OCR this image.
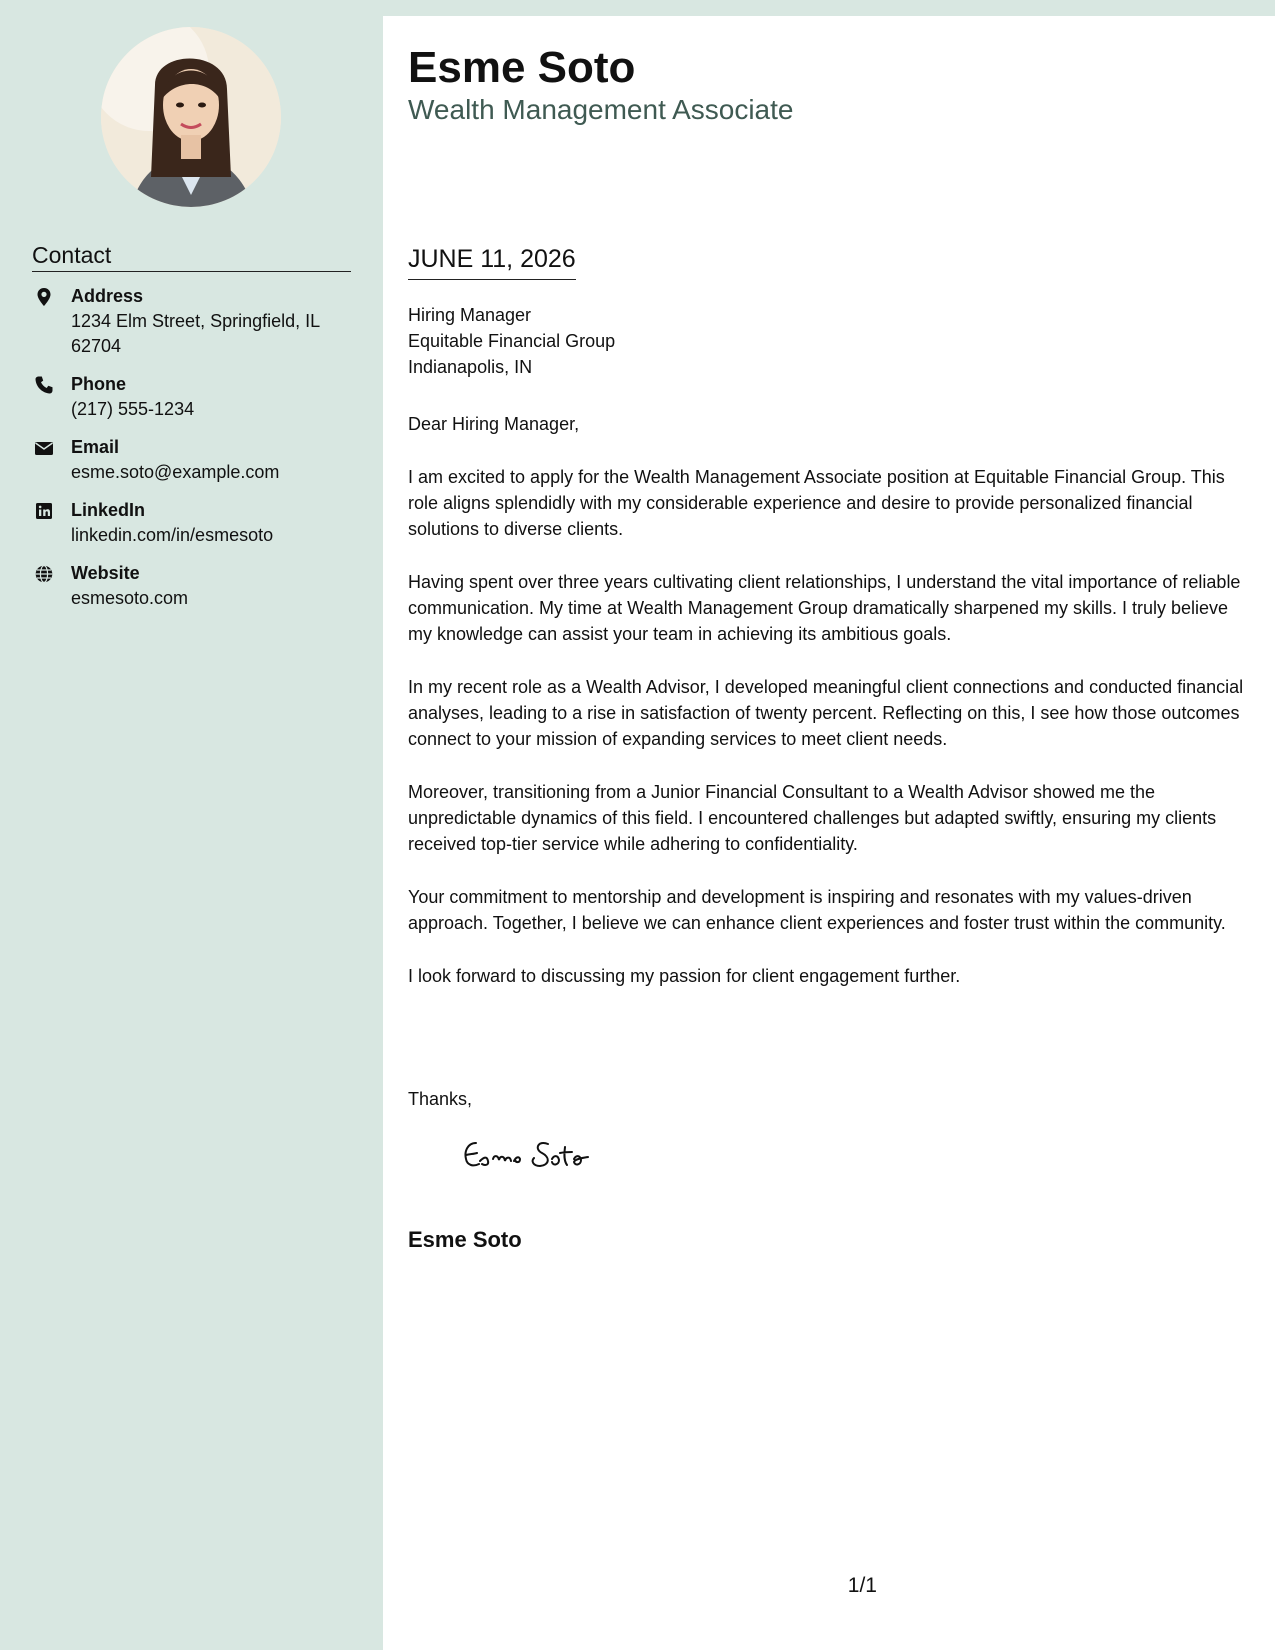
Contact
Address
1234 Elm Street, Springfield, IL 62704
Phone
(217) 555-1234
Email
esme.soto@example.com
LinkedIn
linkedin.com/in/esmesoto
Website
esmesoto.com
Esme Soto
Wealth Management Associate
JUNE 11, 2026
Hiring Manager
Equitable Financial Group
Indianapolis, IN

Dear Hiring Manager,

I am excited to apply for the Wealth Management Associate position at Equitable Financial Group. This role aligns splendidly with my considerable experience and desire to provide personalized financial solutions to diverse clients.

Having spent over three years cultivating client relationships, I understand the vital importance of reliable communication. My time at Wealth Management Group dramatically sharpened my skills. I truly believe my knowledge can assist your team in achieving its ambitious goals.

In my recent role as a Wealth Advisor, I developed meaningful client connections and conducted financial analyses, leading to a rise in satisfaction of twenty percent. Reflecting on this, I see how those outcomes connect to your mission of expanding services to meet client needs.

Moreover, transitioning from a Junior Financial Consultant to a Wealth Advisor showed me the unpredictable dynamics of this field. I encountered challenges but adapted swiftly, ensuring my clients received top-tier service while adhering to confidentiality.

Your commitment to mentorship and development is inspiring and resonates with my values-driven approach. Together, I believe we can enhance client experiences and foster trust within the community.

I look forward to discussing my passion for client engagement further.

Thanks,
Esme Soto
1/1
